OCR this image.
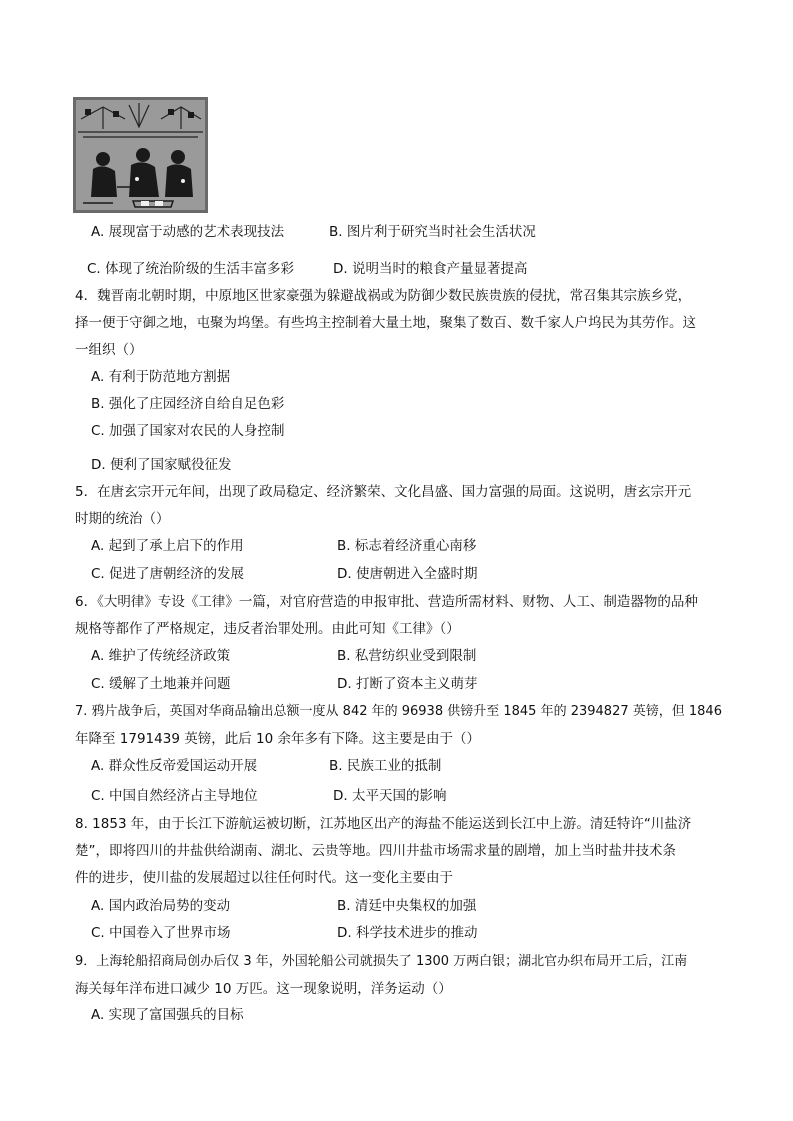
A. 展现富于动感的艺术表现技法	B. 图片利于研究当时社会生活状况
C. 体现了统治阶级的生活丰富多彩	D. 说明当时的粮食产量显著提高
4．魏晋南北朝时期，中原地区世家豪强为躲避战祸或为防御少数民族贵族的侵扰，常召集其宗族乡党，
择一便于守御之地，屯聚为坞堡。有些坞主控制着大量土地，聚集了数百、数千家人户坞民为其劳作。这
一组织（）
A. 有利于防范地方割据
B. 强化了庄园经济自给自足色彩
C. 加强了国家对农民的人身控制
D. 便利了国家赋役征发
5．在唐玄宗开元年间，出现了政局稳定、经济繁荣、文化昌盛、国力富强的局面。这说明，唐玄宗开元
时期的统治（）
A. 起到了承上启下的作用	B. 标志着经济重心南移
C. 促进了唐朝经济的发展	D. 使唐朝进入全盛时期
6．《大明律》专设《工律》一篇，对官府营造的申报审批、营造所需材料、财物、人工、制造器物的品种
规格等都作了严格规定，违反者治罪处刑。由此可知《工律》（）
A. 维护了传统经济政策	B. 私营纺织业受到限制
C. 缓解了土地兼并问题	D. 打断了资本主义萌芽
7. 鸦片战争后，英国对华商品输出总额一度从 842 年的 96938 供镑升至 1845 年的 2394827 英镑，但 1846
年降至 1791439 英镑，此后 10 余年多有下降。这主要是由于（）
A. 群众性反帝爱国运动开展	B. 民族工业的抵制
C. 中国自然经济占主导地位	D. 太平天国的影响
8. 1853 年，由于长江下游航运被切断，江苏地区出产的海盐不能运送到长江中上游。清廷特许“川盐济
楚”，即将四川的井盐供给湖南、湖北、云贵等地。四川井盐市场需求量的剧增，加上当时盐井技术条
件的进步，使川盐的发展超过以往任何时代。这一变化主要由于
A. 国内政治局势的变动	B. 清廷中央集权的加强
C. 中国卷入了世界市场	D. 科学技术进步的推动
9．上海轮船招商局创办后仅 3 年，外国轮船公司就损失了 1300 万两白银；湖北官办织布局开工后，江南
海关每年洋布进口减少 10 万匹。这一现象说明，洋务运动（）
A. 实现了富国强兵的目标
